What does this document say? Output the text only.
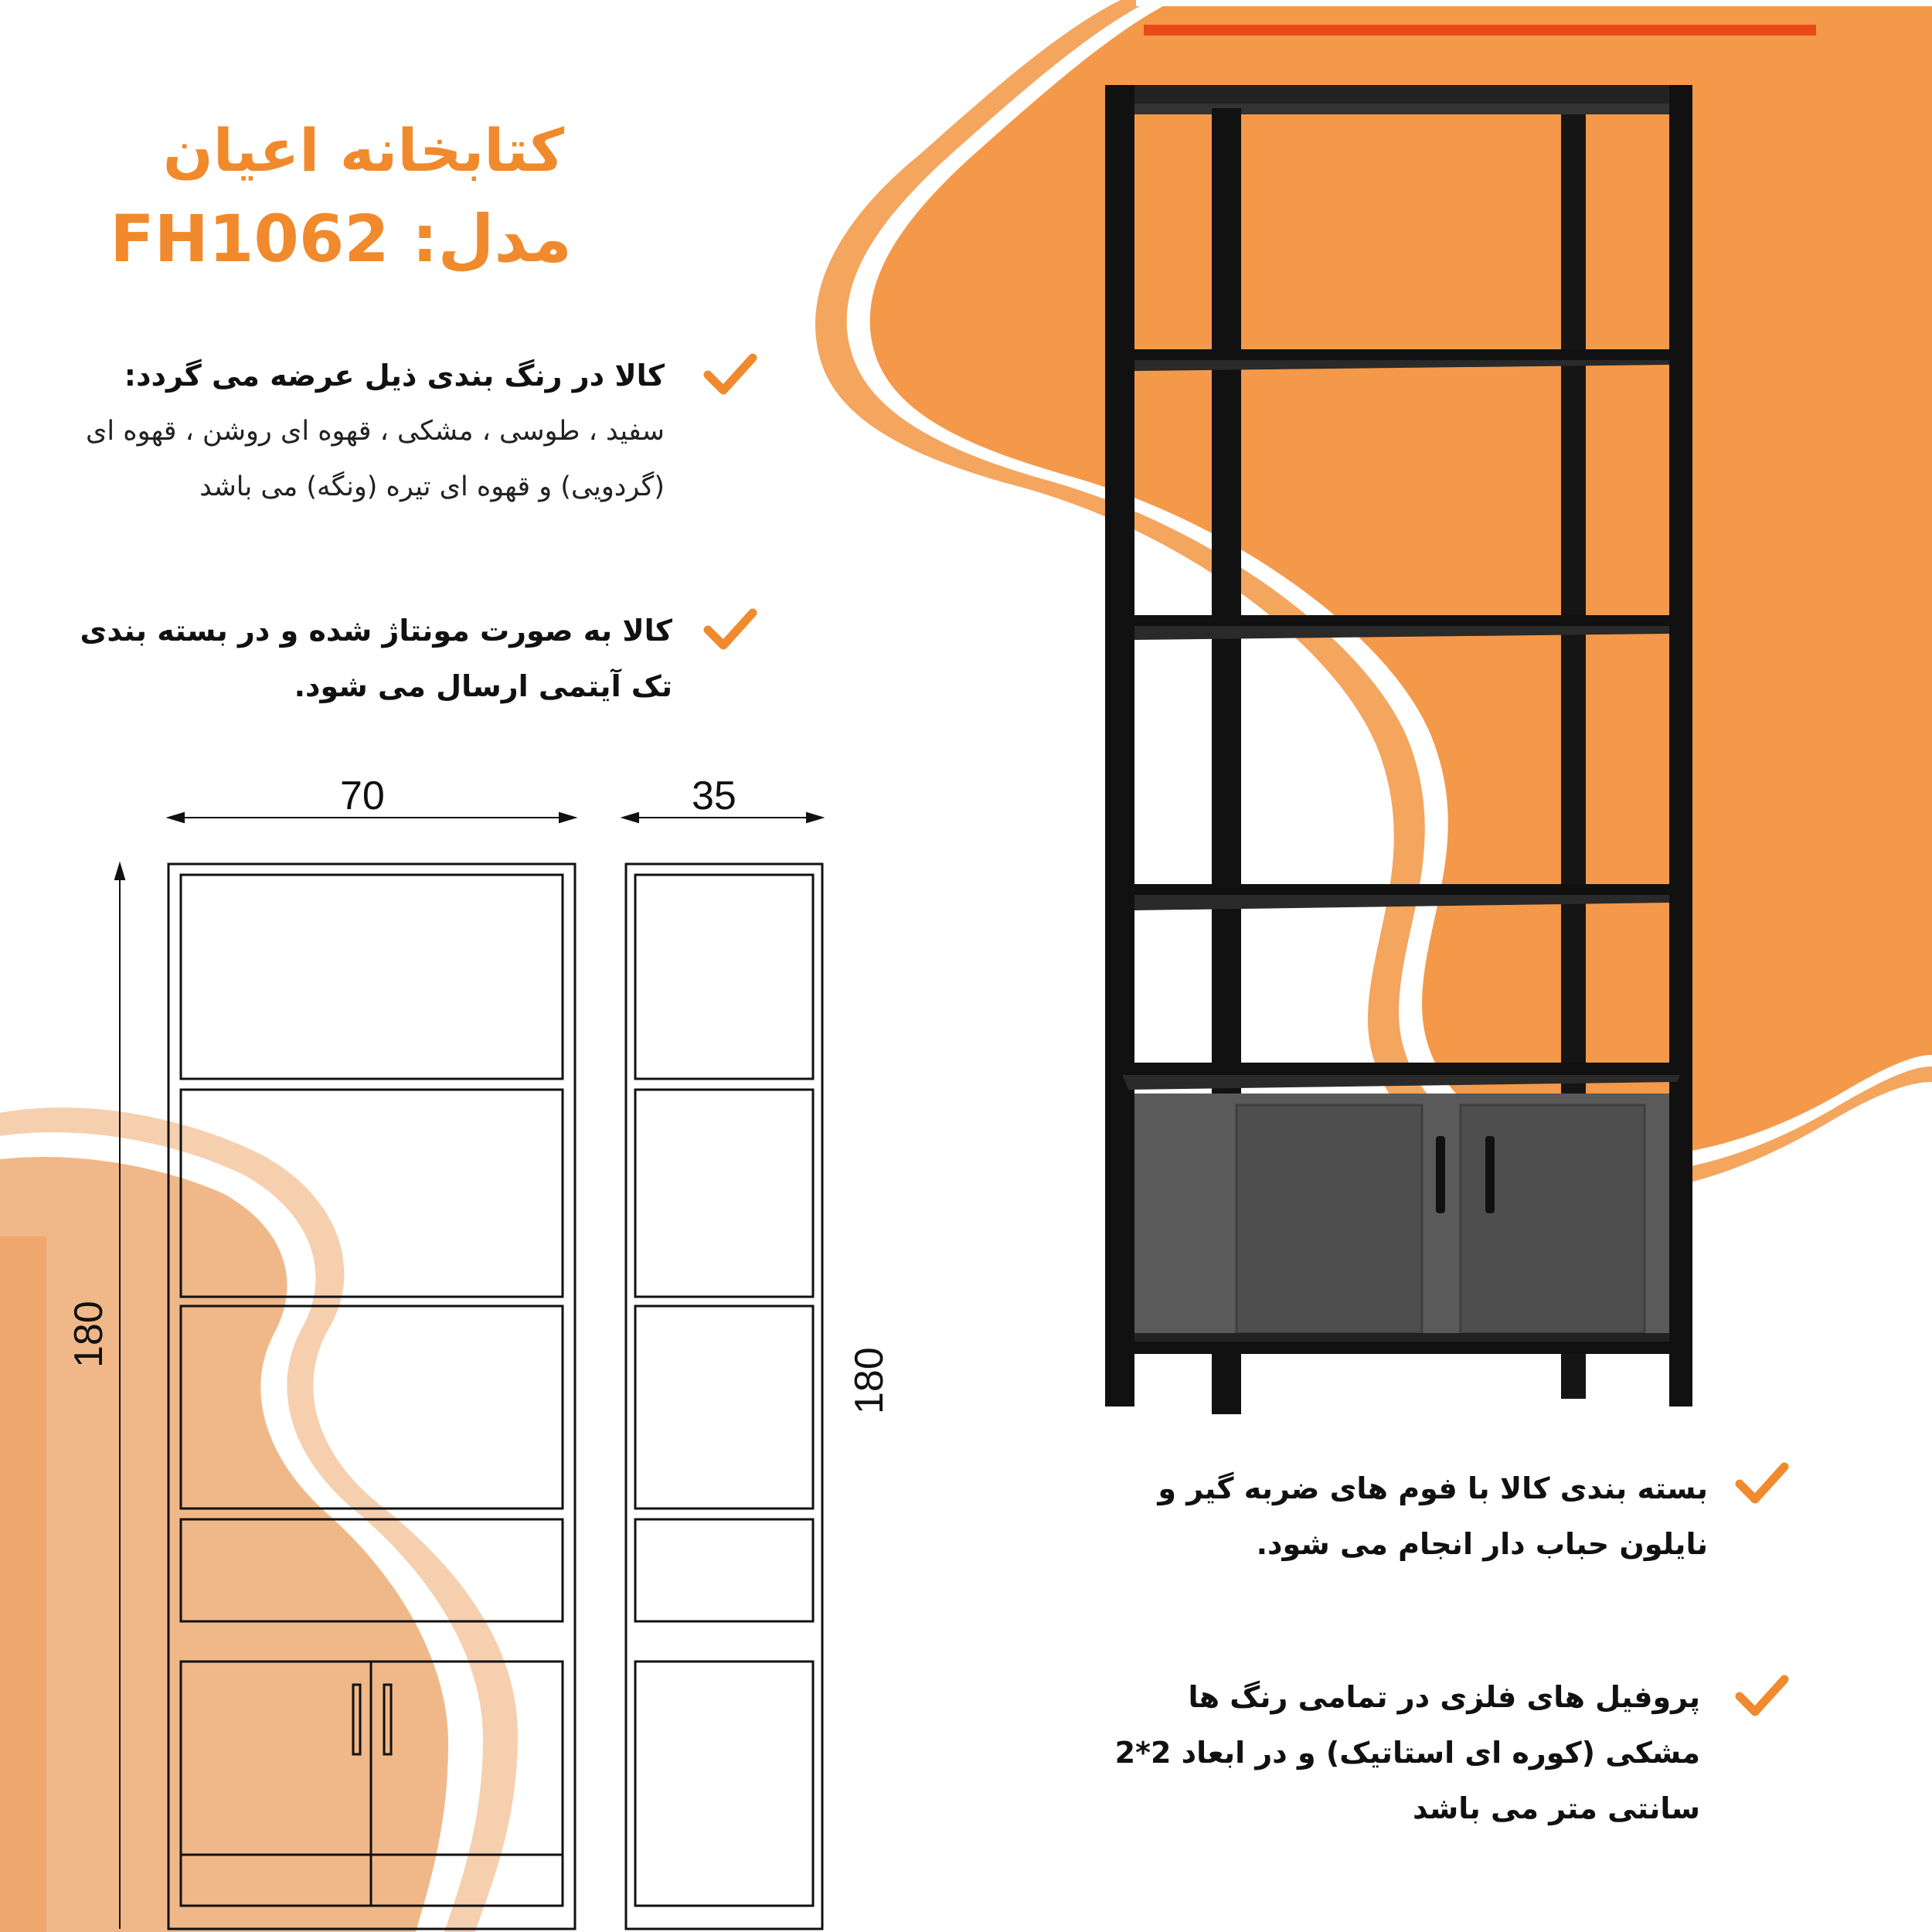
کتابخانه اعیان
مدل: FH1062
کالا در رنگ بندی ذیل عرضه می گردد:
سفید ، طوسی ، مشکی ، قهوه ای روشن ، قهوه ای (گردویی) و قهوه ای تیره (ونگه) می باشد
کالا به صورت مونتاژ شده و در بسته بندی تک آیتمی ارسال می شود.
بسته بندی کالا با فوم های ضربه گیر و نایلون حباب دار انجام می شود.
پروفیل های فلزی در تمامی رنگ ها مشکی (کوره ای استاتیک) و در ابعاد 2*2 سانتی متر می باشد
70	35
180
180
